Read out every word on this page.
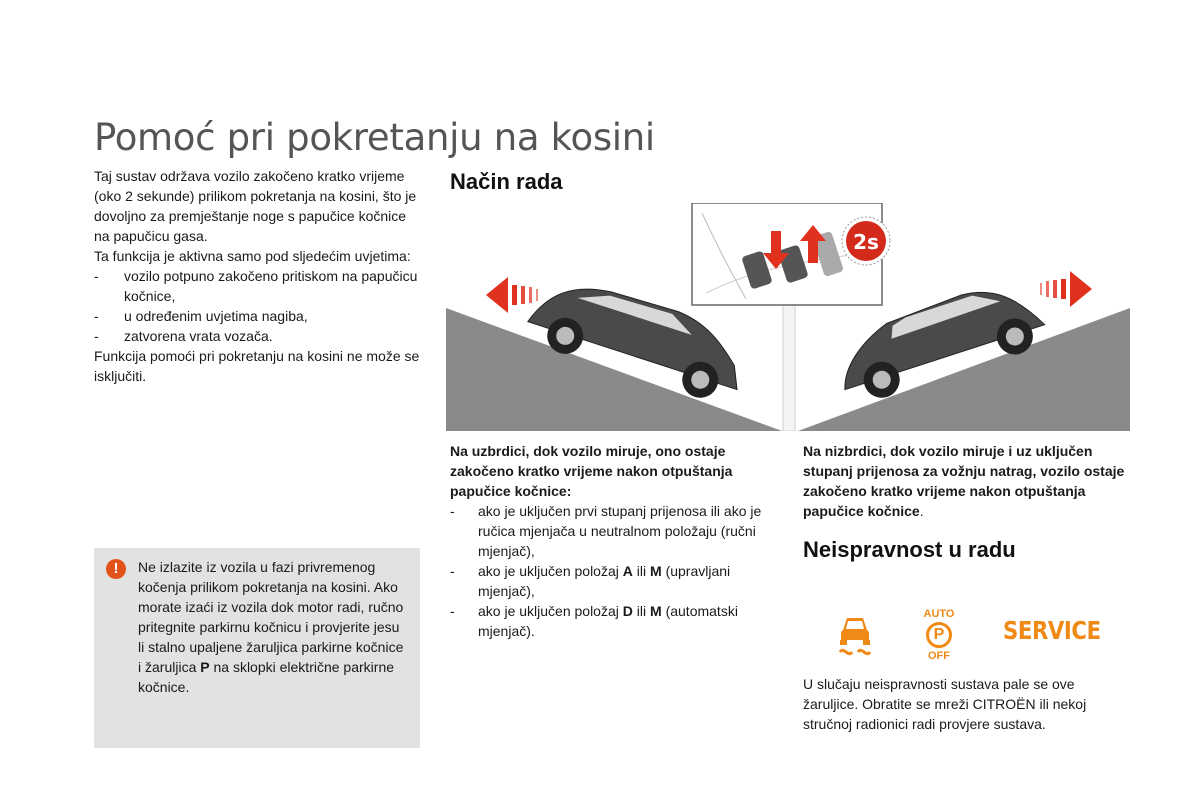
Pomoć pri pokretanju na kosini

Taj sustav održava vozilo zakočeno kratko vrijeme (oko 2 sekunde) prilikom pokretanja na kosini, što je dovoljno za premještanje noge s papučice kočnice na papučicu gasa.

Ta funkcija je aktivna samo pod sljedećim uvjetima:

- vozilo potpuno zakočeno pritiskom na papučicu kočnice,
- u određenim uvjetima nagiba,
- zatvorena vrata vozača.

Funkcija pomoći pri pokretanju na kosini ne može se isključiti.

!	Ne izlazite iz vozila u fazi privremenog kočenja prilikom pokretanja na kosini. Ako morate izaći iz vozila dok motor radi, ručno pritegnite parkirnu kočnicu i provjerite jesu li stalno upaljene žaruljica parkirne kočnice i žaruljica P na sklopki električne parkirne kočnice.

Način rada
2s

Na uzbrdici, dok vozilo miruje, ono ostaje zakočeno kratko vrijeme nakon otpuštanja papučice kočnice:

- ako je uključen prvi stupanj prijenosa ili ako je ručica mjenjača u neutralnom položaju (ručni mjenjač),
- ako je uključen položaj A ili M (upravljani mjenjač),
- ako je uključen položaj D ili M (automatski mjenjač).

Na nizbrdici, dok vozilo miruje i uz uključen stupanj prijenosa za vožnju natrag, vozilo ostaje zakočeno kratko vrijeme nakon otpuštanja papučice kočnice.

Neispravnost u radu
AUTO
P
OFF
SERVICE

U slučaju neispravnosti sustava pale se ove žaruljice. Obratite se mreži CITROËN ili nekoj stručnoj radionici radi provjere sustava.
